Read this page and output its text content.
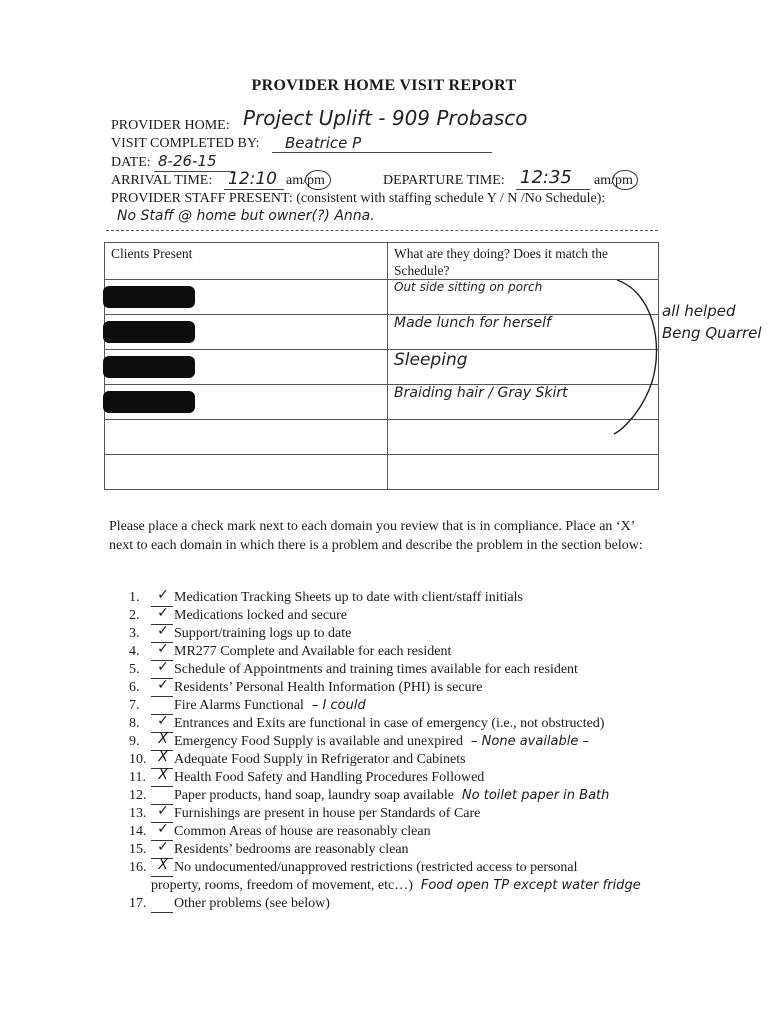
PROVIDER HOME VISIT REPORT
PROVIDER HOME: Project Uplift - 909 Probasco
VISIT COMPLETED BY: Beatrice P
DATE: 8-26-15
ARRIVAL TIME: 12:10 am/pm	DEPARTURE TIME: 12:35 am/pm
PROVIDER STAFF PRESENT: (consistent with staffing schedule Y / N /No Schedule):
No Staff @ home but owner(?) Anna.
Clients Present	What are they doing? Does it match the Schedule?

	Out side sitting on porch

	Made lunch for herself

	Sleeping

	Braiding hair / Gray Skirt

all helped Beng Quarrel
Please place a check mark next to each domain you review that is in compliance. Place an ‘X’ next to each domain in which there is a problem and describe the problem in the section below:
1.	✓ Medication Tracking Sheets up to date with client/staff initials
2.	✓ Medications locked and secure
3.	✓ Support/training logs up to date
4.	✓ MR277 Complete and Available for each resident
5.	✓ Schedule of Appointments and training times available for each resident
6.	✓ Residents’ Personal Health Information (PHI) is secure
7. Fire Alarms Functional – I could
8.	✓ Entrances and Exits are functional in case of emergency (i.e., not obstructed)
9.	X Emergency Food Supply is available and unexpired – None available –
10. X Adequate Food Supply in Refrigerator and Cabinets
11. X Health Food Safety and Handling Procedures Followed
12. Paper products, hand soap, laundry soap available No toilet paper in Bath
13. ✓ Furnishings are present in house per Standards of Care
14. ✓ Common Areas of house are reasonably clean
15. ✓ Residents’ bedrooms are reasonably clean
16. X No undocumented/unapproved restrictions (restricted access to personal
property, rooms, freedom of movement, etc…) Food open TP except water fridge
17. Other problems (see below)
